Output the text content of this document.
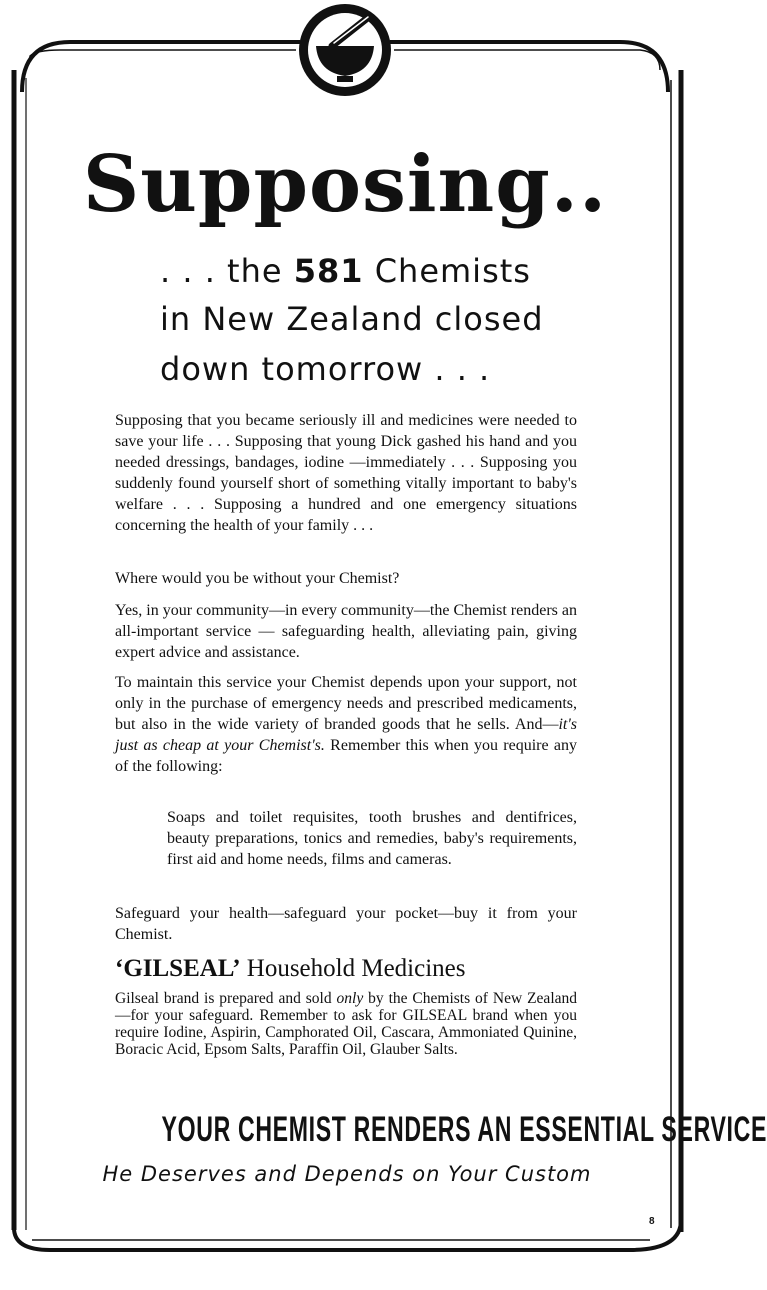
Supposing..
. . . the 581 Chemists
in New Zealand closed
down tomorrow . . .

Supposing that you became seriously ill and medicines were needed to save your life . . . Supposing that young Dick gashed his hand and you needed dressings, bandages, iodine —immediately . . . Supposing you suddenly found yourself short of something vitally important to baby's welfare . . . Supposing a hundred and one emergency situations concerning the health of your family . . .

Where would you be without your Chemist?

Yes, in your community—in every community—the Chemist renders an all-important service — safeguarding health, alleviating pain, giving expert advice and assistance.

To maintain this service your Chemist depends upon your support, not only in the purchase of emergency needs and prescribed medicaments, but also in the wide variety of branded goods that he sells. And—it's just as cheap at your Chemist's. Remember this when you require any of the following:

Soaps and toilet requisites, tooth brushes and dentifrices, beauty preparations, tonics and remedies, baby's requirements, first aid and home needs, films and cameras.

Safeguard your health—safeguard your pocket—buy it from your Chemist.

‘GILSEAL’ Household Medicines

Gilseal brand is prepared and sold only by the Chemists of New Zealand—for your safeguard. Remember to ask for GILSEAL brand when you require Iodine, Aspirin, Camphorated Oil, Cascara, Ammoniated Quinine, Boracic Acid, Epsom Salts, Paraffin Oil, Glauber Salts.

YOUR CHEMIST RENDERS AN ESSENTIAL SERVICE
He Deserves and Depends on Your Custom
8
